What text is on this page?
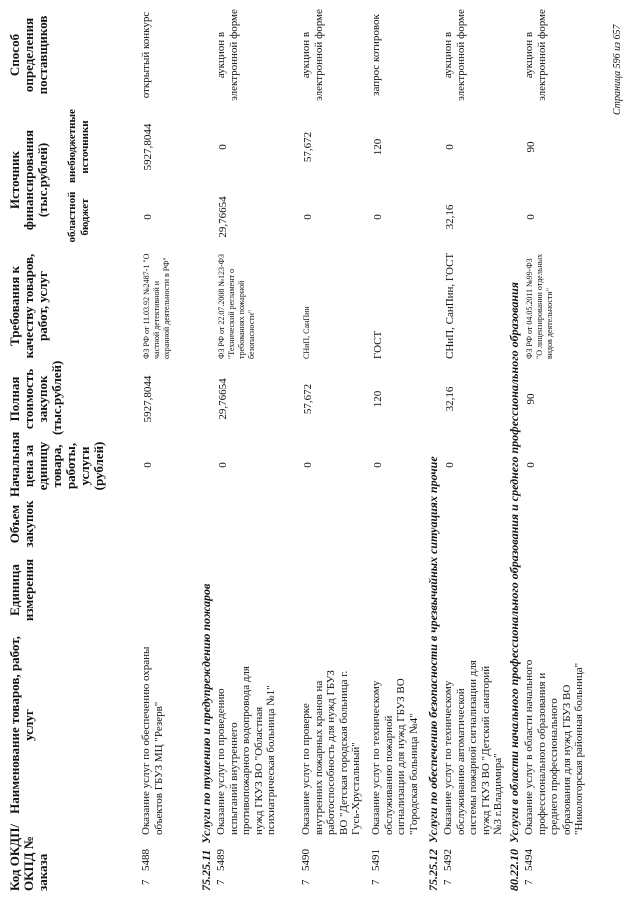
Код ОКДП/ ОКПД № заказа
Наименование товаров, работ, услуг
Единица измерения
Объем закупок
Начальная цена за единицу товара, работы, услуги (рублей)
Полная стоимость закупок (тыс.рублей)
Требования к качеству товаров, работ, услуг
Источник финансирования (тыс.рублей) областной бюджет
внебюджетные источники
Способ определения поставщиков
7
5488
Оказание услуг по обеспечению охраны объектов ГБУЗ МЦ "Резерв"
0
5927,8044
ФЗ РФ от 11.03.92 №2487-1 "О частной детективной и охранной деятельности в РФ"
0
5927,8044
открытый конкурс
75.25.11  Услуги по тушению и предупреждению пожаров
7
5489
Оказание услуг по проведению испытаний внутреннего противопожарного водопровода для нужд ГКУЗ ВО "Областная психиатрическая больница №1"
0
29,76654
ФЗ РФ от 22.07.2008 №123-ФЗ "Технический регламент о требованиях пожарной безопасности"
29,76654
0
аукцион в электронной форме
7
5490
Оказание услуг по проверке внутренних пожарных кранов на работоспособность для нужд ГБУЗ ВО "Детская городская больница г. Гусь-Хрустальный"
0
57,672
СНиП, СанПин
0
57,672
аукцион в электронной форме
7
5491
Оказание услуг по техническому обслуживанию пожарной сигнализации для нужд ГБУЗ ВО "Городская больница №4"
0
120
ГОСТ
0
120
запрос котировок
75.25.12  Услуги по обеспечению безопасности в чрезвычайных ситуациях прочие
7
5492
Оказание услуг по техническому обслуживанию автоматической системы пожарной сигнализации для нужд ГКУЗ ВО "Детский санаторий №3 г.Владимира"
0
32,16
СНиП, СанПин, ГОСТ
32,16
0
аукцион в электронной форме
80.22.10  Услуги в области начального профессионального образования и среднего профессионального образования
7
5494
Оказание услуг в области начального профессионального образования и среднего профессионального образования для нужд ГБУЗ ВО "Никологорская районная больница"
0
90
ФЗ РФ от 04.05.2011 №99-ФЗ "О лицензировании отдельных видов деятельности"
0
90
аукцион в электронной форме	Страница 596 из 657
